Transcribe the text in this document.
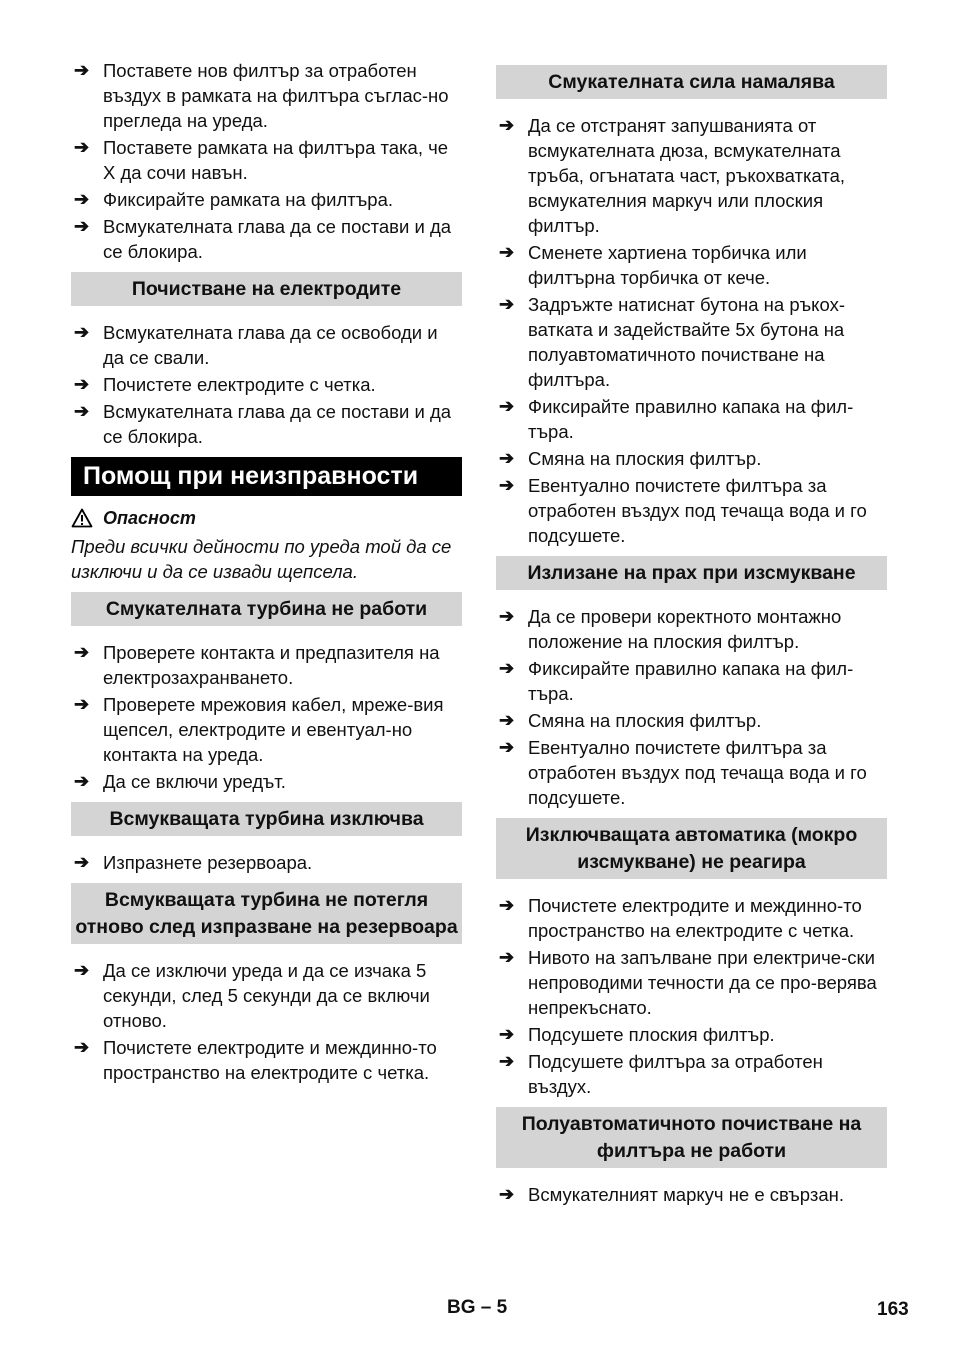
➔ Поставете нов филтър за отработен въздух в рамката на филтъра съглас-но прегледа на уреда.
➔ Поставете рамката на филтъра така, че Х да сочи навън.
➔ Фиксирайте рамката на филтъра.
➔ Всмукателната глава да се постави и да се блокира.
Почистване на електродите
➔ Всмукателната глава да се освободи и да се свали.
➔ Почистете електродите с четка.
➔ Всмукателната глава да се постави и да се блокира.
Помощ при неизправности
Опасност
Преди всички дейности по уреда той да се изключи и да се извади щепсела.
Смукателната турбина не работи
➔ Проверете контакта и предпазителя на електрозахранването.
➔ Проверете мрежовия кабел, мреже-вия щепсел, електродите и евентуал-но контакта на уреда.
➔ Да се включи уредът.
Всмукващата турбина изключва
➔ Изпразнете резервоара.
Всмукващата турбина не потегля отново след изпразване на резервоара
➔ Да се изключи уреда и да се изчака 5 секунди, след 5 секунди да се включи отново.
➔ Почистете електродите и междинно-то пространство на електродите с четка.
Смукателната сила намалява
➔ Да се отстранят запушванията от всмукателната дюза, всмукателната тръба, огънатата част, ръкохватката, всмукателния маркуч или плоския филтър.
➔ Сменете хартиена торбичка или филтърна торбичка от кече.
➔ Задръжте натиснат бутона на ръкох-ватката и задействайте 5х бутона на полуавтоматичното почистване на филтъра.
➔ Фиксирайте правилно капака на фил-търа.
➔ Смяна на плоския филтър.
➔ Евентуално почистете филтъра за отработен въздух под течаща вода и го подсушете.
Излизане на прах при изсмукване
➔ Да се провери коректното монтажно положение на плоския филтър.
➔ Фиксирайте правилно капака на фил-търа.
➔ Смяна на плоския филтър.
➔ Евентуално почистете филтъра за отработен въздух под течаща вода и го подсушете.
Изключващата автоматика (мокро изсмукване) не реагира
➔ Почистете електродите и междинно-то пространство на електродите с четка.
➔ Нивото на запълване при електриче-ски непроводими течности да се про-верява непрекъснато.
➔ Подсушете плоския филтър.
➔ Подсушете филтъра за отработен въздух.
Полуавтоматичното почистване на филтъра не работи
➔ Всмукателният маркуч не е свързан.
BG – 5	163
